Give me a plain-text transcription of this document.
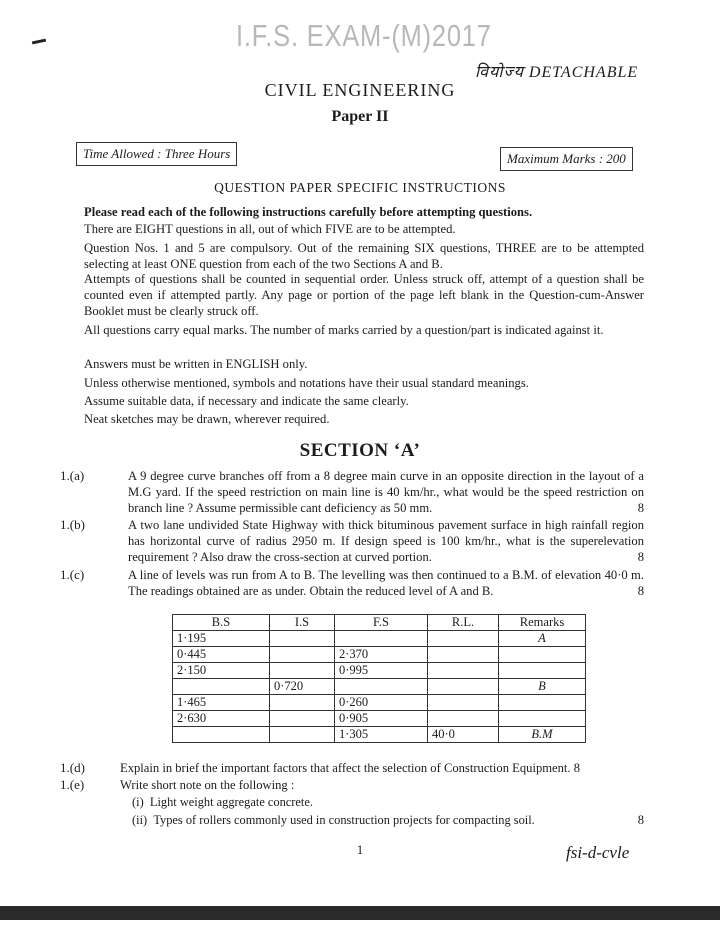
I.F.S. EXAM-(M)2017
वियोज्य DETACHABLE
CIVIL ENGINEERING
Paper II
Time Allowed : Three Hours	Maximum Marks : 200
QUESTION PAPER SPECIFIC INSTRUCTIONS

Please read each of the following instructions carefully before attempting questions.

There are EIGHT questions in all, out of which FIVE are to be attempted.

Question Nos. 1 and 5 are compulsory. Out of the remaining SIX questions, THREE are to be attempted selecting at least ONE question from each of the two Sections A and B.

Attempts of questions shall be counted in sequential order. Unless struck off, attempt of a question shall be counted even if attempted partly. Any page or portion of the page left blank in the Question-cum-Answer Booklet must be clearly struck off.

All questions carry equal marks. The number of marks carried by a question/part is indicated against it.

Answers must be written in ENGLISH only.

Unless otherwise mentioned, symbols and notations have their usual standard meanings.

Assume suitable data, if necessary and indicate the same clearly.

Neat sketches may be drawn, wherever required.

SECTION ‘A’
1.(a)	A 9 degree curve branches off from a 8 degree main curve in an opposite direction in the layout of a M.G yard. If the speed restriction on main line is 40 km/hr., what would be the speed restriction on branch line ? Assume permissible cant deficiency as 50 mm.	8

1.(b)	A two lane undivided State Highway with thick bituminous pavement surface in high rainfall region has horizontal curve of radius 2950 m. If design speed is 100 km/hr., what is the superelevation requirement ? Also draw the cross-section at curved portion.	8

1.(c)	A line of levels was run from A to B. The levelling was then continued to a B.M. of elevation 40·0 m. The readings obtained are as under. Obtain the reduced level of A and B.	8

B.S	I.S	F.S	R.L.	Remarks
1·195				A
0·445		2·370		
2·150		0·995		
	0·720			B
1·465		0·260		
2·630		0·905		
		1·305	40·0	B.M
1.(d)	Explain in brief the important factors that affect the selection of Construction Equipment. 8

1.(e)	Write short note on the following :

(i) Light weight aggregate concrete.
(ii) Types of rollers commonly used in construction projects for compacting soil.	8
1	fsi-d-cvle
